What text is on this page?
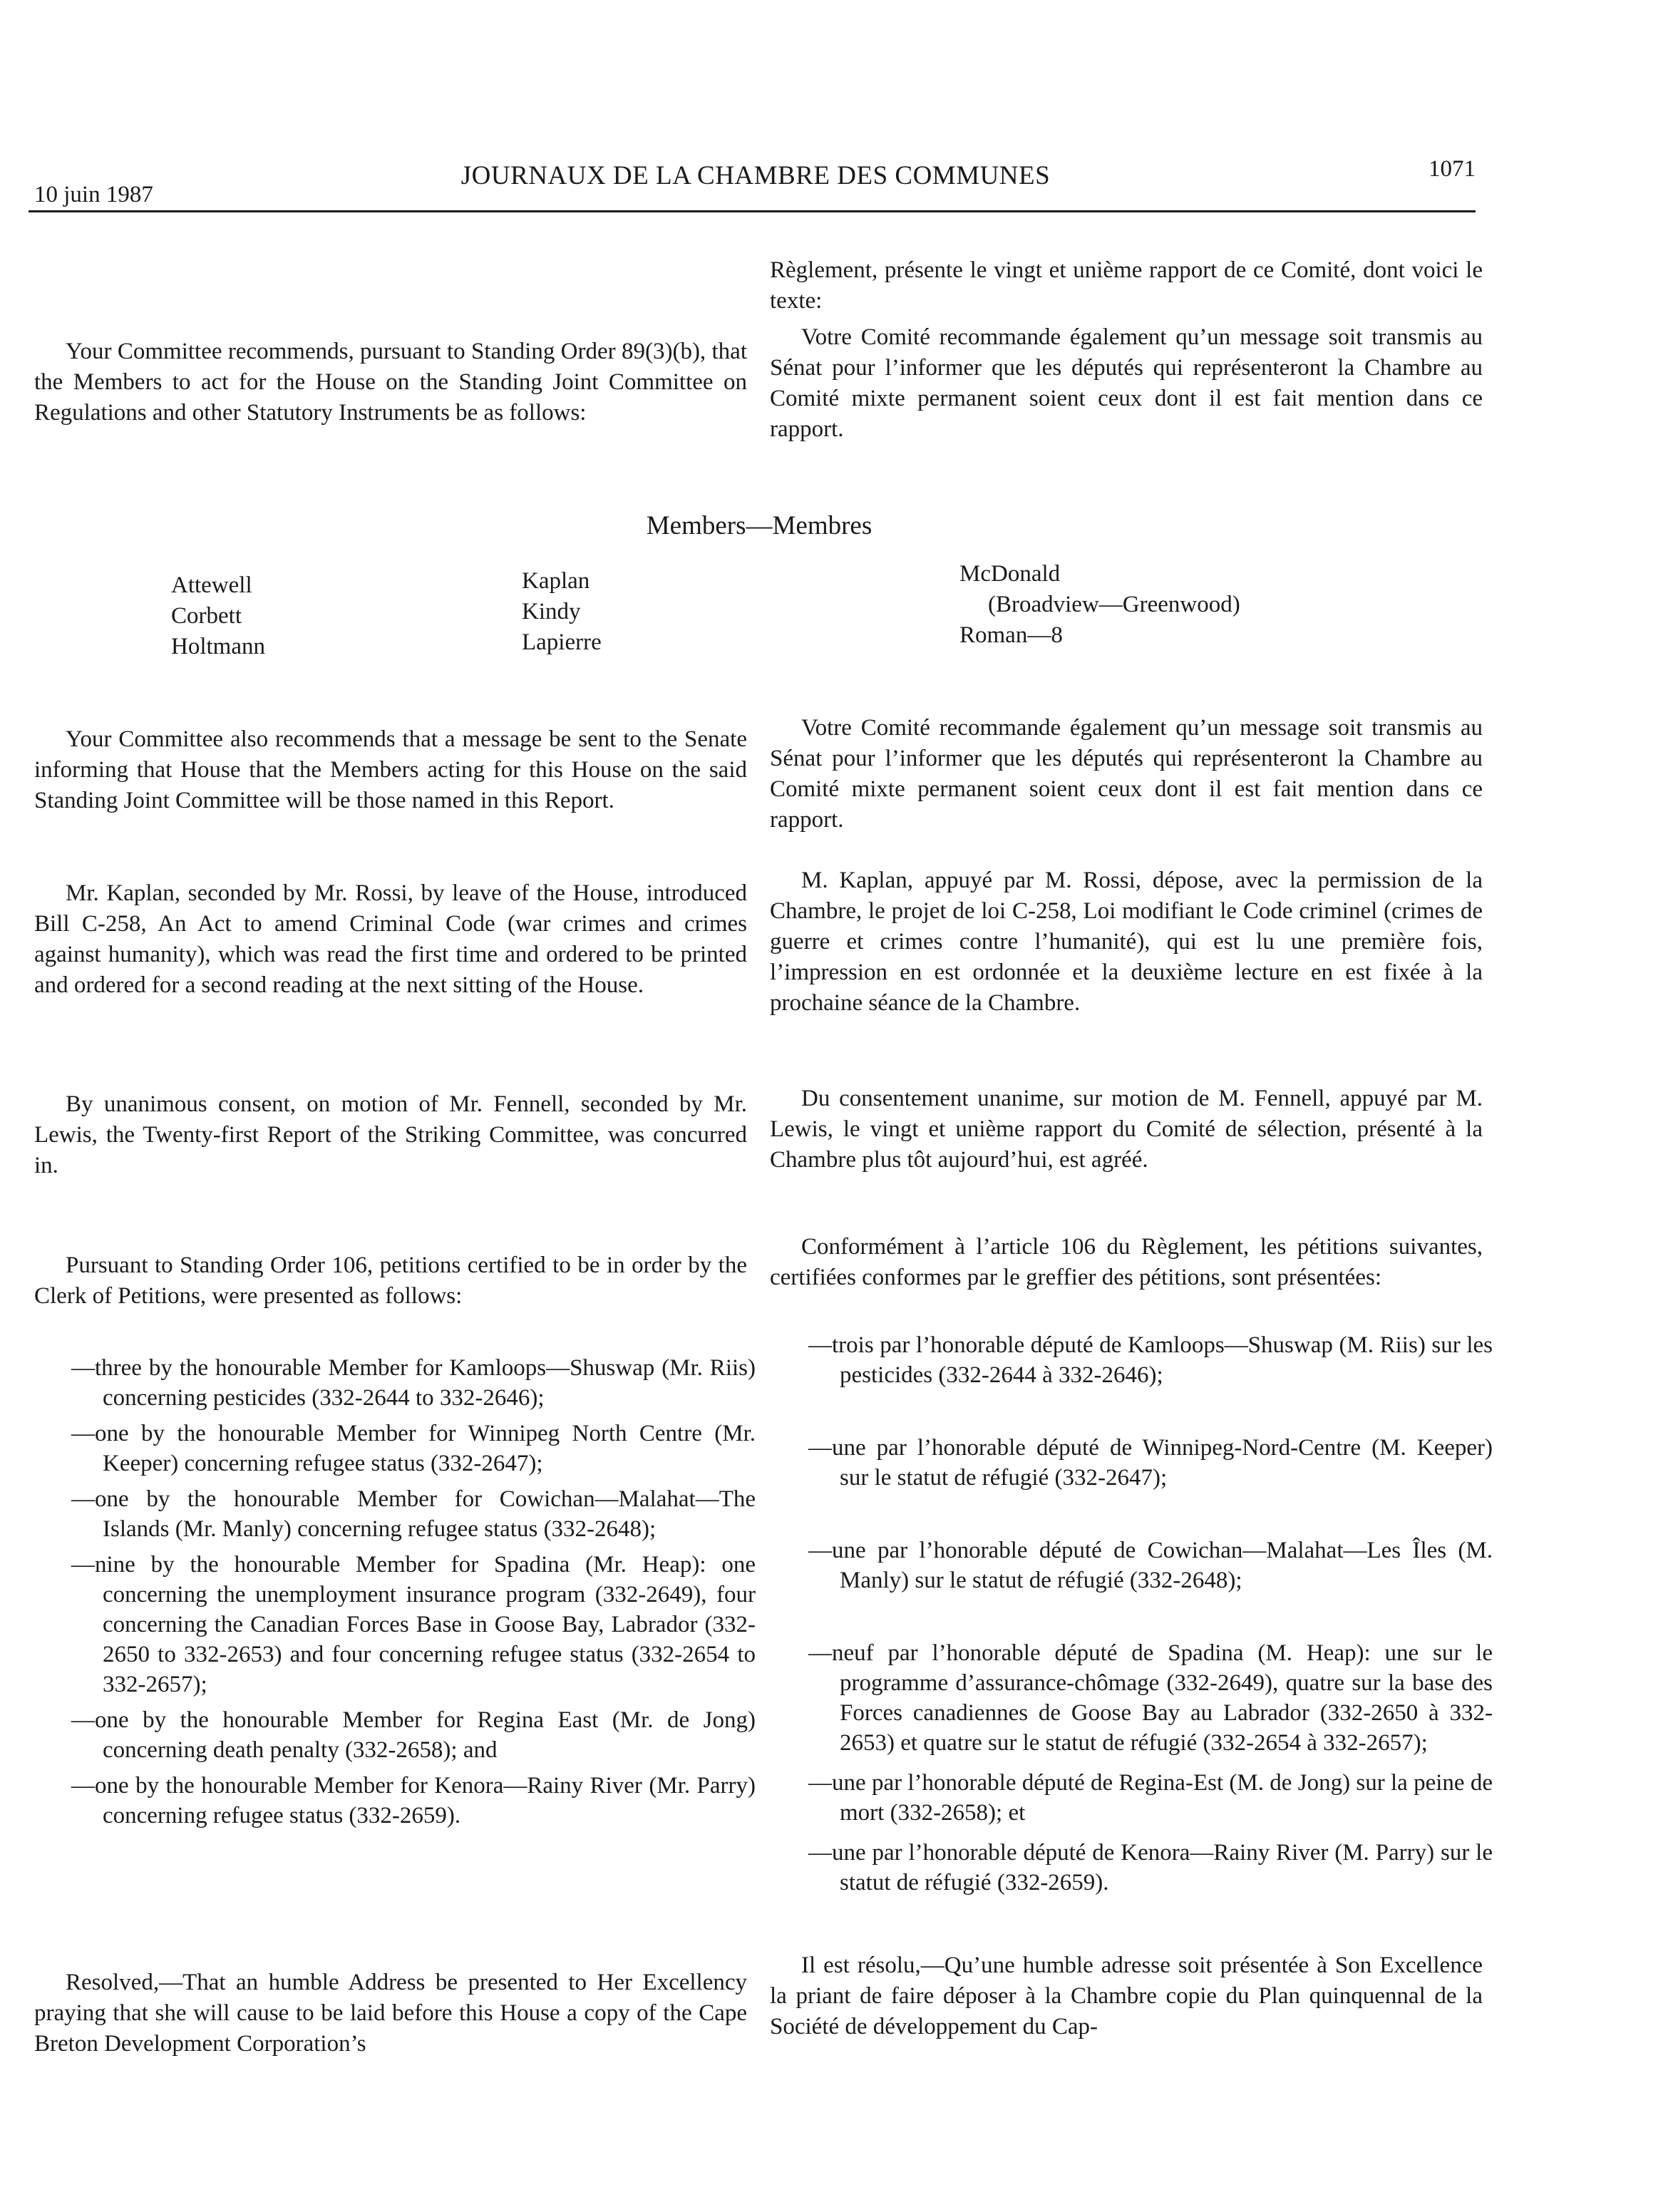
10 juin 1987
JOURNAUX DE LA CHAMBRE DES COMMUNES	1071
Règlement, présente le vingt et unième rapport de ce Comité, dont voici le texte:
Your Committee recommends, pursuant to Standing Order 89(3)(b), that the Members to act for the House on the Standing Joint Committee on Regulations and other Statutory Instruments be as follows:
Votre Comité recommande également qu’un message soit transmis au Sénat pour l’informer que les députés qui représenteront la Chambre au Comité mixte permanent soient ceux dont il est fait mention dans ce rapport.
Members—Membres
Attewell
Corbett
Holtmann
Kaplan
Kindy
Lapierre
McDonald
(Broadview—Greenwood)
Roman—8
Your Committee also recommends that a message be sent to the Senate informing that House that the Members acting for this House on the said Standing Joint Committee will be those named in this Report.
Votre Comité recommande également qu’un message soit transmis au Sénat pour l’informer que les députés qui représenteront la Chambre au Comité mixte permanent soient ceux dont il est fait mention dans ce rapport.
Mr. Kaplan, seconded by Mr. Rossi, by leave of the House, introduced Bill C-258, An Act to amend Criminal Code (war crimes and crimes against humanity), which was read the first time and ordered to be printed and ordered for a second reading at the next sitting of the House.
M. Kaplan, appuyé par M. Rossi, dépose, avec la permission de la Chambre, le projet de loi C-258, Loi modifiant le Code criminel (crimes de guerre et crimes contre l’humanité), qui est lu une première fois, l’impression en est ordonnée et la deuxième lecture en est fixée à la prochaine séance de la Chambre.
By unanimous consent, on motion of Mr. Fennell, seconded by Mr. Lewis, the Twenty-first Report of the Striking Committee, was concurred in.
Du consentement unanime, sur motion de M. Fennell, appuyé par M. Lewis, le vingt et unième rapport du Comité de sélection, présenté à la Chambre plus tôt aujourd’hui, est agréé.
Pursuant to Standing Order 106, petitions certified to be in order by the Clerk of Petitions, were presented as follows:
Conformément à l’article 106 du Règlement, les pétitions suivantes, certifiées conformes par le greffier des pétitions, sont présentées:
—three by the honourable Member for Kamloops—Shuswap (Mr. Riis) concerning pesticides (332-2644 to 332-2646);
—one by the honourable Member for Winnipeg North Centre (Mr. Keeper) concerning refugee status (332-2647);
—one by the honourable Member for Cowichan—Malahat—The Islands (Mr. Manly) concerning refugee status (332-2648);
—nine by the honourable Member for Spadina (Mr. Heap): one concerning the unemployment insurance program (332-2649), four concerning the Canadian Forces Base in Goose Bay, Labrador (332-2650 to 332-2653) and four concerning refugee status (332-2654 to 332-2657);
—one by the honourable Member for Regina East (Mr. de Jong) concerning death penalty (332-2658); and
—one by the honourable Member for Kenora—Rainy River (Mr. Parry) concerning refugee status (332-2659).
—trois par l’honorable député de Kamloops—Shuswap (M. Riis) sur les pesticides (332-2644 à 332-2646);
—une par l’honorable député de Winnipeg-Nord-Centre (M. Keeper) sur le statut de réfugié (332-2647);
—une par l’honorable député de Cowichan—Malahat—Les Îles (M. Manly) sur le statut de réfugié (332-2648);
—neuf par l’honorable député de Spadina (M. Heap): une sur le programme d’assurance-chômage (332-2649), quatre sur la base des Forces canadiennes de Goose Bay au Labrador (332-2650 à 332-2653) et quatre sur le statut de réfugié (332-2654 à 332-2657);
—une par l’honorable député de Regina-Est (M. de Jong) sur la peine de mort (332-2658); et
—une par l’honorable député de Kenora—Rainy River (M. Parry) sur le statut de réfugié (332-2659).
Resolved,—That an humble Address be presented to Her Excellency praying that she will cause to be laid before this House a copy of the Cape Breton Development Corporation’s
Il est résolu,—Qu’une humble adresse soit présentée à Son Excellence la priant de faire déposer à la Chambre copie du Plan quinquennal de la Société de développement du Cap-
